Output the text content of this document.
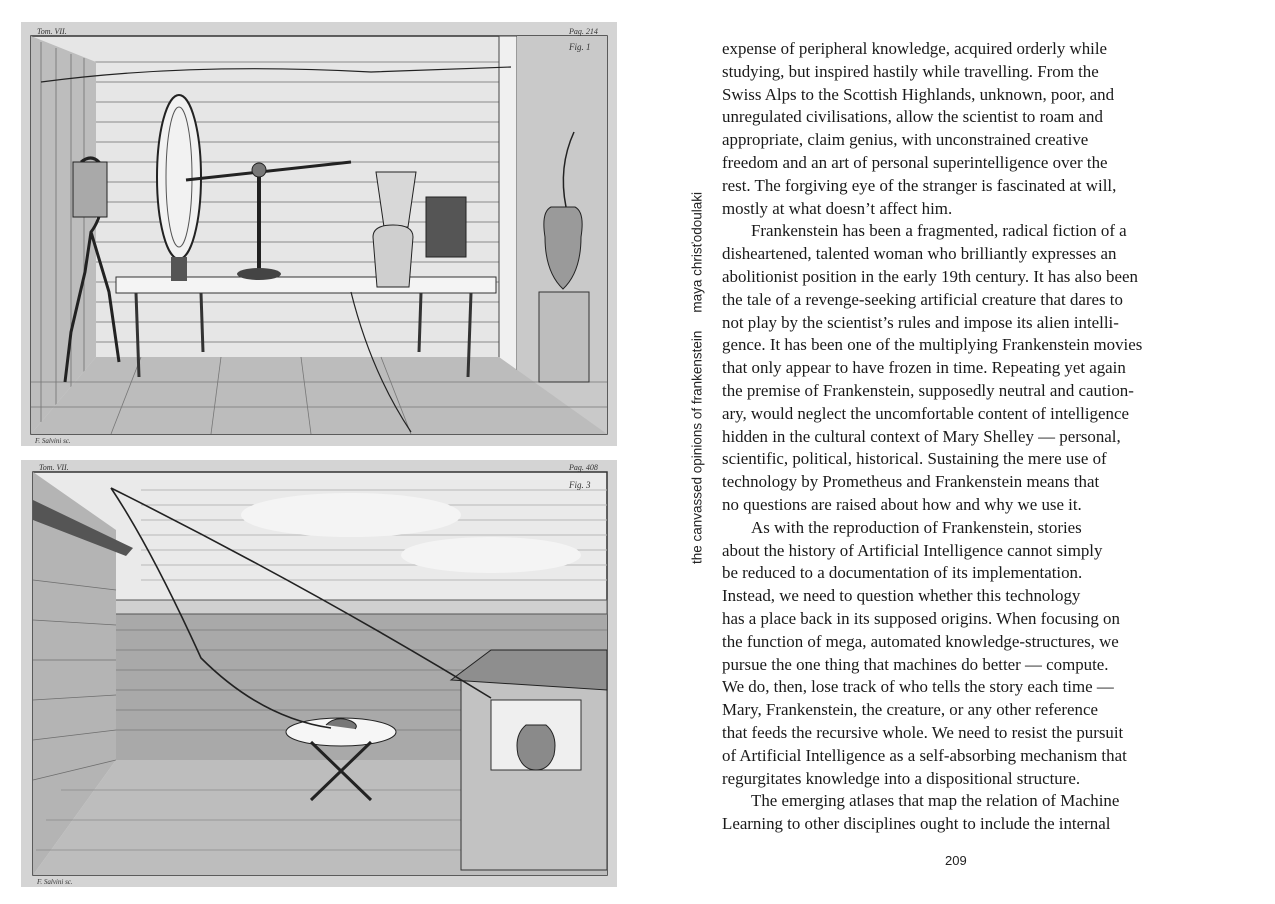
Tom. VII.	Pag. 214
Fig. 1
F. Salvini sc.
Tom. VII.	Pag. 408
Fig. 3
F. Salvini sc.
the canvassed opinions of frankenstein
maya chrisťodoulaki

expense of peripheral knowledge, acquired orderly while
studying, but inspired hastily while travelling. From the
Swiss Alps to the Scottish Highlands, unknown, poor, and
unregulated civilisations, allow the scientist to roam and
appropriate, claim genius, with unconstrained creative
freedom and an art of personal superintelligence over the
rest. The forgiving eye of the stranger is fascinated at will,
mostly at what doesn’t affect him.

Frankenstein has been a fragmented, radical fiction of a
disheartened, talented woman who brilliantly expresses an
abolitionist position in the early 19th century. It has also been
the tale of a revenge-seeking artificial creature that dares to
not play by the scientist’s rules and impose its alien intelli-
gence. It has been one of the multiplying Frankenstein movies
that only appear to have frozen in time. Repeating yet again
the premise of Frankenstein, supposedly neutral and caution-
ary, would neglect the uncomfortable content of intelligence
hidden in the cultural context of Mary Shelley — personal,
scientific, political, historical. Sustaining the mere use of
technology by Prometheus and Frankenstein means that
no questions are raised about how and why we use it.

As with the reproduction of Frankenstein, stories
about the history of Artificial Intelligence cannot simply
be reduced to a documentation of its implementation.
Instead, we need to question whether this technology
has a place back in its supposed origins. When focusing on
the function of mega, automated knowledge-structures, we
pursue the one thing that machines do better — compute.
We do, then, lose track of who tells the story each time —
Mary, Frankenstein, the creature, or any other reference
that feeds the recursive whole. We need to resist the pursuit
of Artificial Intelligence as a self-absorbing mechanism that
regurgitates knowledge into a dispositional structure.

The emerging atlases that map the relation of Machine
Learning to other disciplines ought to include the internal

209
